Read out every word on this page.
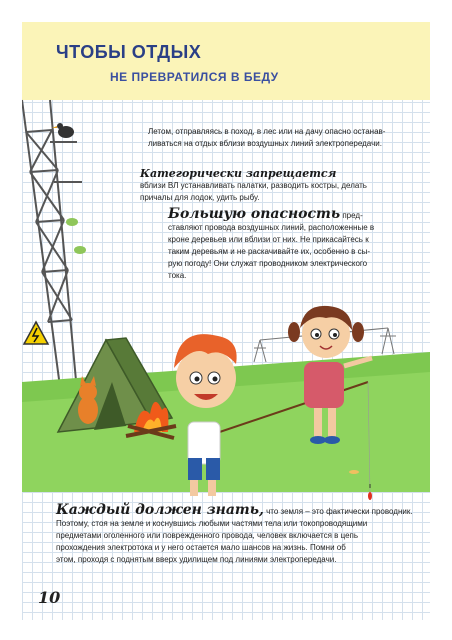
ЧТОБЫ ОТДЫХ
НЕ ПРЕВРАТИЛСЯ В БЕДУ
Летом, отправляясь в поход, в лес или на дачу опасно останав-
ливаться на отдых вблизи воздушных линий электропередачи.
Категорически запрещается
вблизи ВЛ устанавливать палатки, разводить костры, делать
причалы для лодок, удить рыбу.
Большую опасность пред-
ставляют провода воздушных линий, расположенные в
кроне деревьев или вблизи от них. Не прикасайтесь к
таким деревьям и не раскачивайте их, особенно в сы-
рую погоду! Они служат проводником электрического
тока.
Каждый должен знать, что земля – это фактически проводник.
Поэтому, стоя на земле и коснувшись любыми частями тела или токопроводящими
предметами оголенного или поврежденного провода, человек включается в цепь
прохождения электротока и у него остается мало шансов на жизнь. Помни об
этом, проходя с поднятым вверх удилищем под линиями электропередачи.
10
